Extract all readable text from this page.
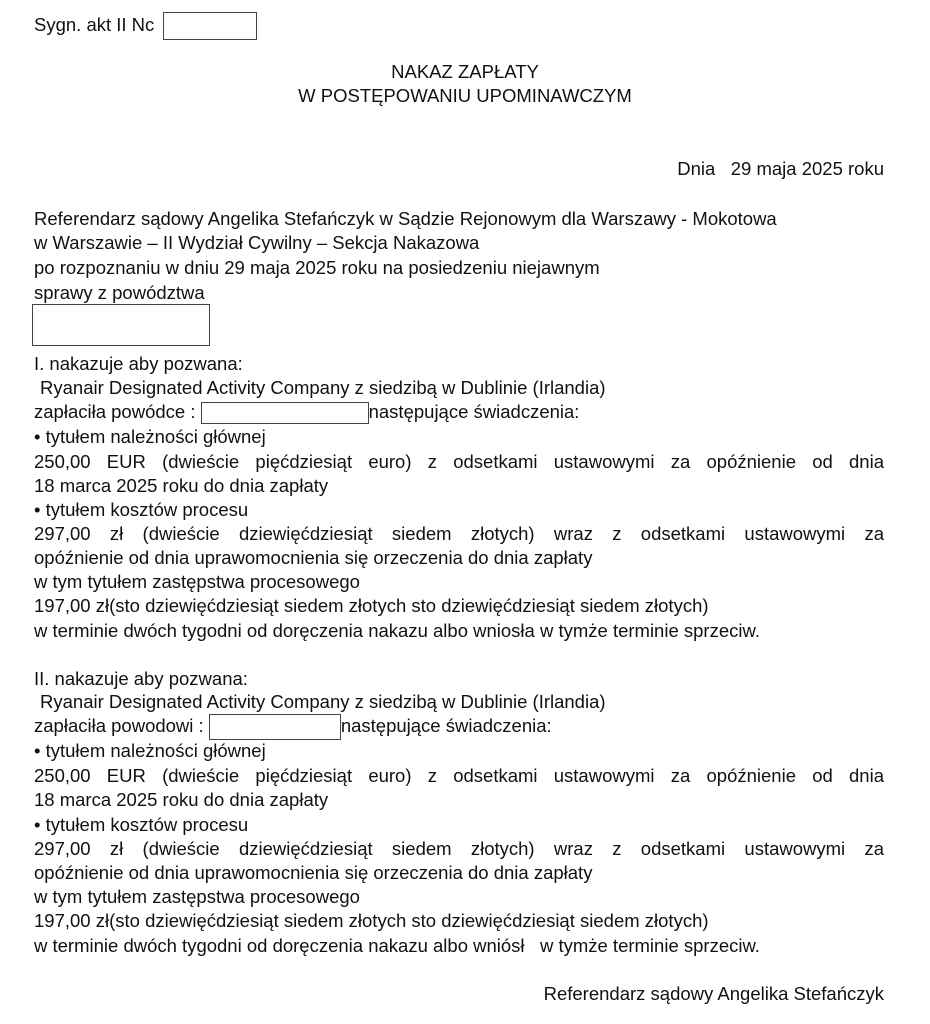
Sygn. akt II Nc
NAKAZ ZAPŁATY
W POSTĘPOWANIU UPOMINAWCZYM
Dnia 29 maja 2025 roku
Referendarz sądowy Angelika Stefańczyk w Sądzie Rejonowym dla Warszawy - Mokotowa
w Warszawie – II Wydział Cywilny – Sekcja Nakazowa
po rozpoznaniu w dniu 29 maja 2025 roku na posiedzeniu niejawnym
sprawy z powództwa
I. nakazuje aby pozwana:
Ryanair Designated Activity Company z siedzibą w Dublinie (Irlandia)
zapłaciła powódce :	następujące świadczenia:
• tytułem należności głównej
250,00 EUR (dwieście pięćdziesiąt euro) z odsetkami ustawowymi za opóźnienie od dnia
18 marca 2025 roku do dnia zapłaty
• tytułem kosztów procesu
297,00 zł (dwieście dziewięćdziesiąt siedem złotych) wraz z odsetkami ustawowymi za
opóźnienie od dnia uprawomocnienia się orzeczenia do dnia zapłaty
w tym tytułem zastępstwa procesowego
197,00 zł(sto dziewięćdziesiąt siedem złotych sto dziewięćdziesiąt siedem złotych)
w terminie dwóch tygodni od doręczenia nakazu albo wniosła w tymże terminie sprzeciw.
II. nakazuje aby pozwana:
Ryanair Designated Activity Company z siedzibą w Dublinie (Irlandia)
zapłaciła powodowi :	następujące świadczenia:
• tytułem należności głównej
250,00 EUR (dwieście pięćdziesiąt euro) z odsetkami ustawowymi za opóźnienie od dnia
18 marca 2025 roku do dnia zapłaty
• tytułem kosztów procesu
297,00 zł (dwieście dziewięćdziesiąt siedem złotych) wraz z odsetkami ustawowymi za
opóźnienie od dnia uprawomocnienia się orzeczenia do dnia zapłaty
w tym tytułem zastępstwa procesowego
197,00 zł(sto dziewięćdziesiąt siedem złotych sto dziewięćdziesiąt siedem złotych)
w terminie dwóch tygodni od doręczenia nakazu albo wniósł w tymże terminie sprzeciw.
Referendarz sądowy Angelika Stefańczyk
